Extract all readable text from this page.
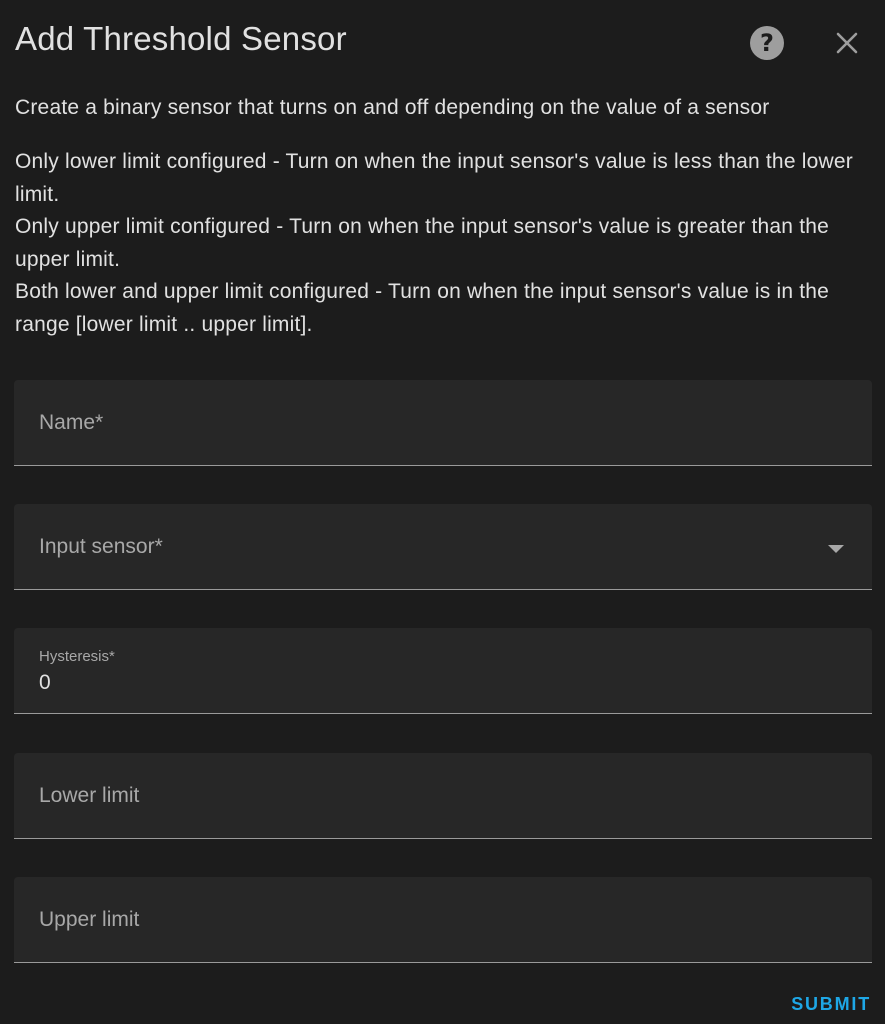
Add Threshold Sensor	?

Create a binary sensor that turns on and off depending on the value of a sensor

Only lower limit configured - Turn on when the input sensor's value is less than the lower limit.

Only upper limit configured - Turn on when the input sensor's value is greater than the upper limit.

Both lower and upper limit configured - Turn on when the input sensor's value is in the range [lower limit .. upper limit].

Name*
Input sensor*
Hysteresis*
0
Lower limit
Upper limit
SUBMIT
